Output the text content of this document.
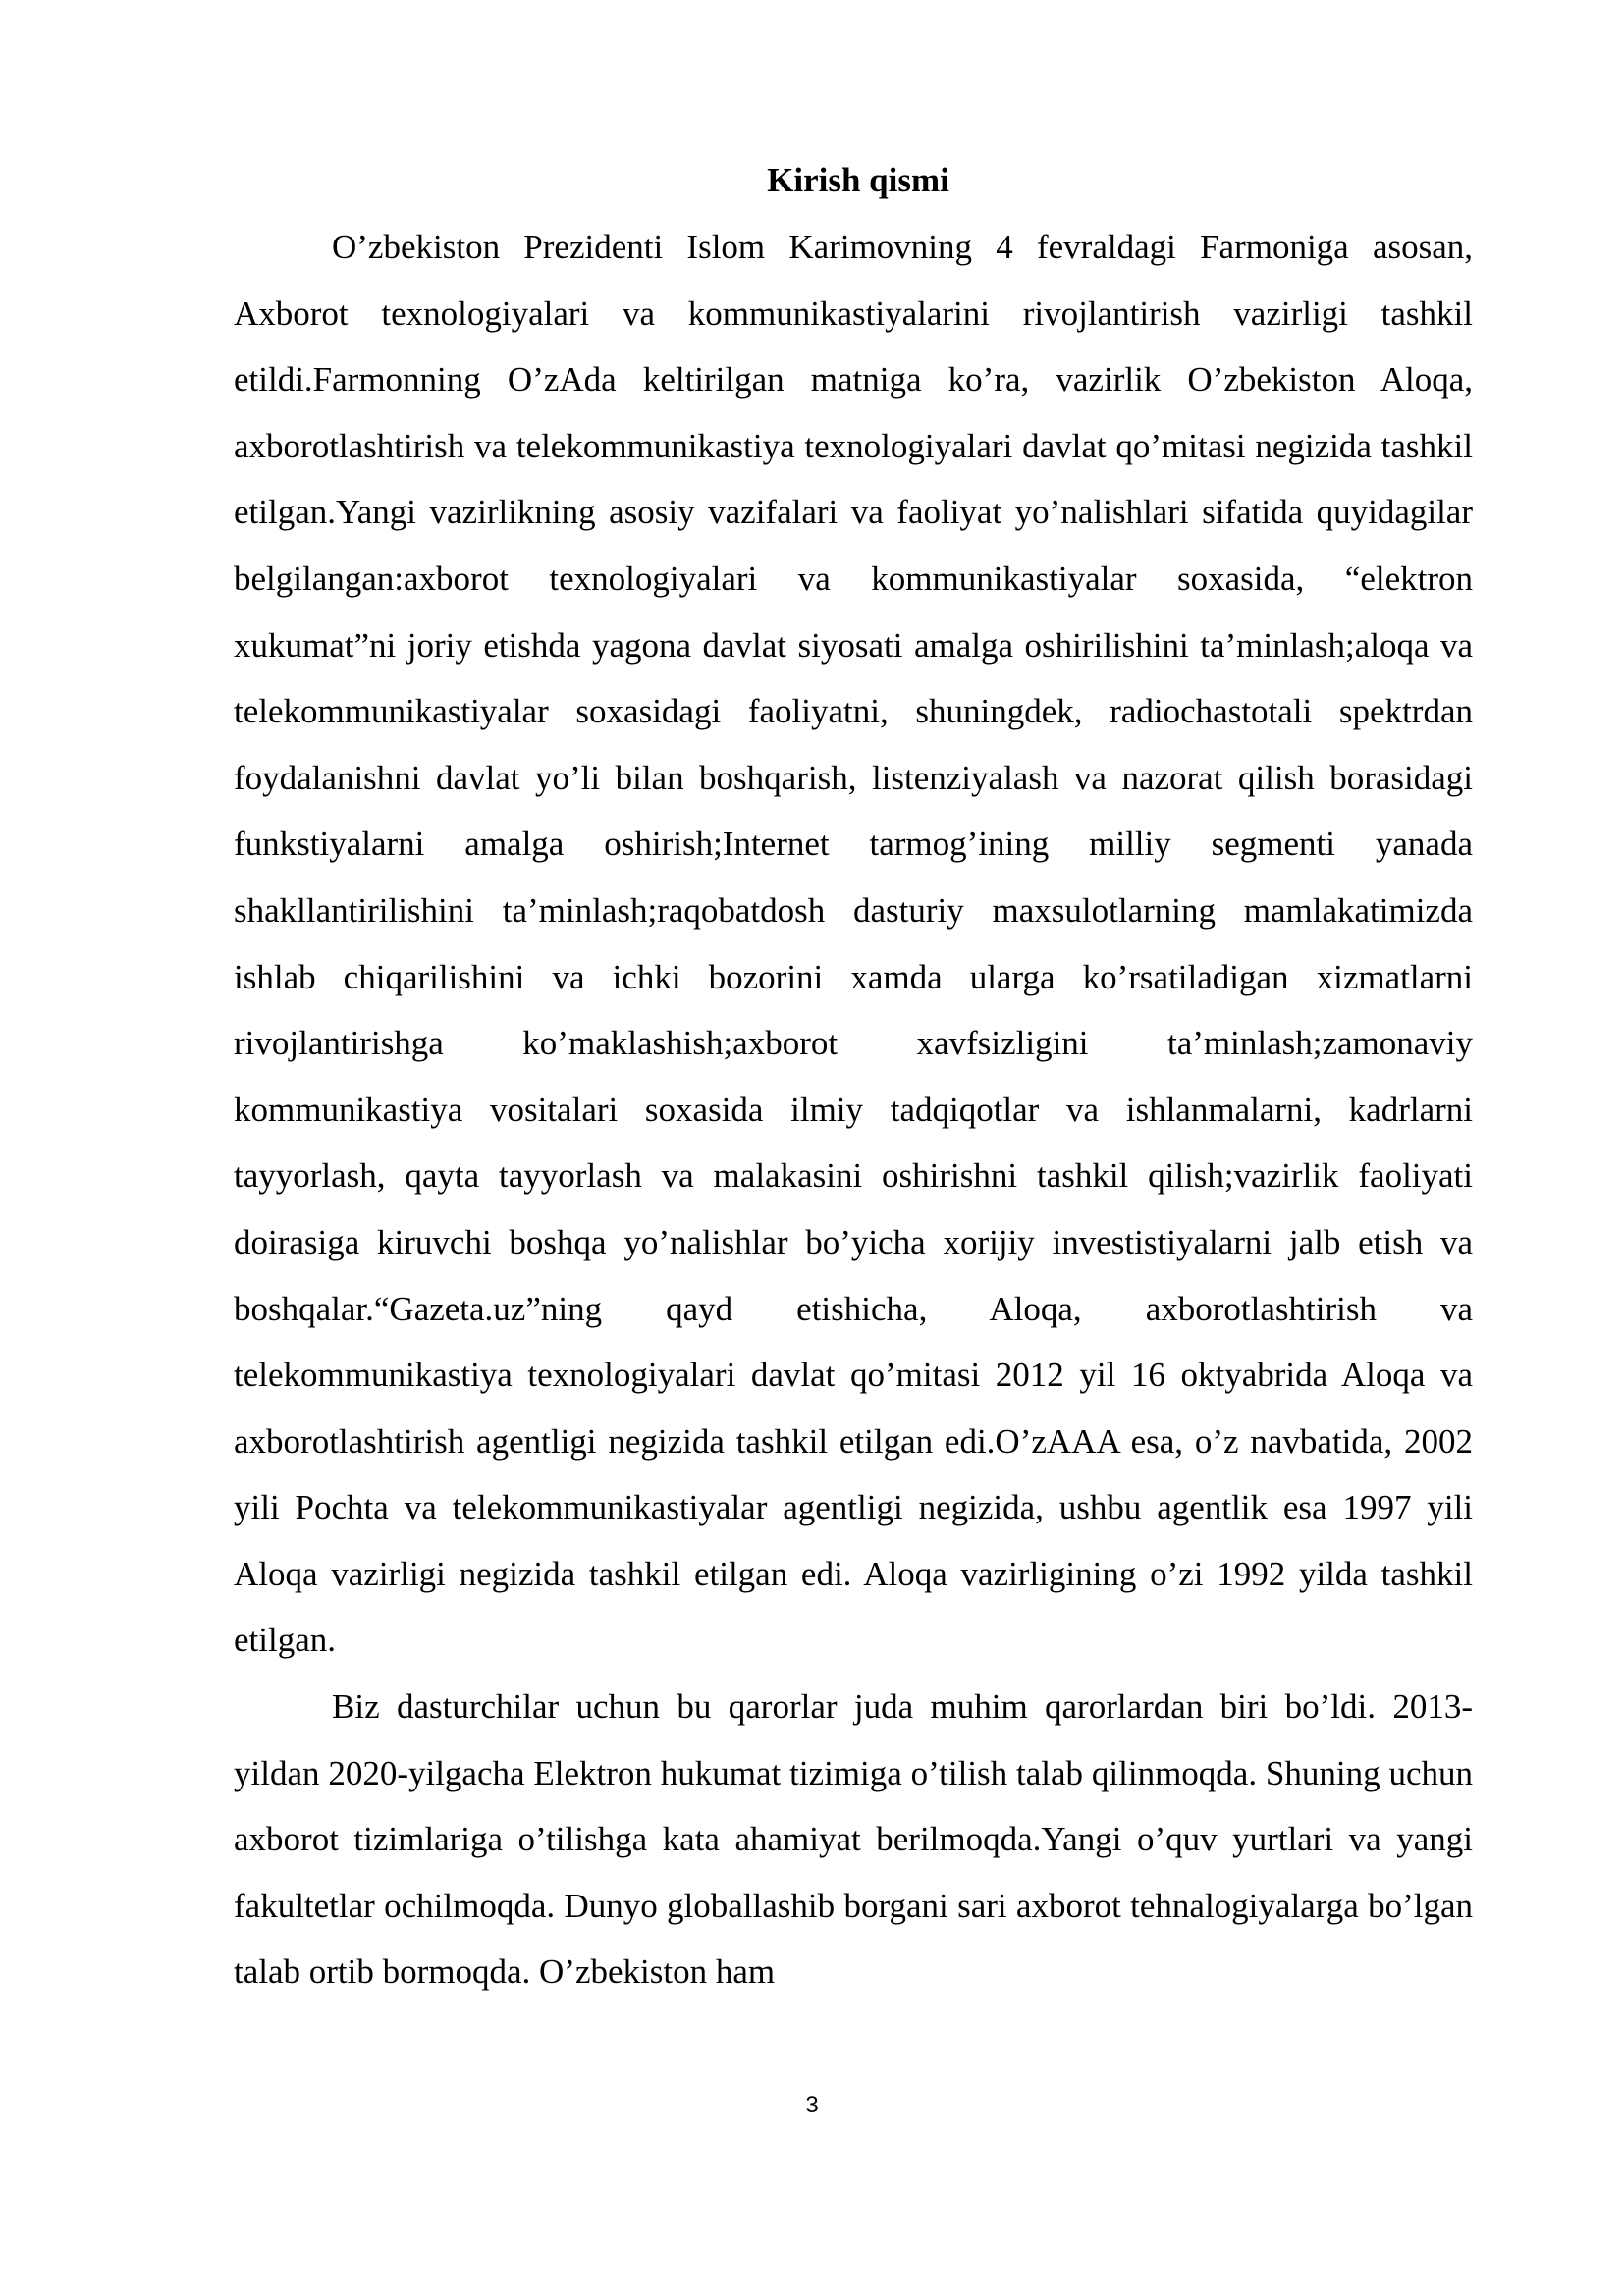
Kirish qismi

O’zbekiston Prezidenti Islom Karimovning 4 fevraldagi Farmoniga asosan, Axborot texnologiyalari va kommunikastiyalarini rivojlantirish vazirligi tashkil etildi.Farmonning O’zAda keltirilgan matniga ko’ra, vazirlik O’zbekiston Aloqa, axborotlashtirish va telekommunikastiya texnologiyalari davlat qo’mitasi negizida tashkil etilgan.Yangi vazirlikning asosiy vazifalari va faoliyat yo’nalishlari sifatida quyidagilar belgilangan:axborot texnologiyalari va kommunikastiyalar soxasida, “elektron xukumat”ni joriy etishda yagona davlat siyosati amalga oshirilishini ta’minlash;aloqa va telekommunikastiyalar soxasidagi faoliyatni, shuningdek, radiochastotali spektrdan foydalanishni davlat yo’li bilan boshqarish, listenziyalash va nazorat qilish borasidagi funkstiyalarni amalga oshirish;Internet tarmog’ining milliy segmenti yanada shakllantirilishini ta’minlash;raqobatdosh dasturiy maxsulotlarning mamlakatimizda ishlab chiqarilishini va ichki bozorini xamda ularga ko’rsatiladigan xizmatlarni rivojlantirishga ko’maklashish;axborot xavfsizligini ta’minlash;zamonaviy kommunikastiya vositalari soxasida ilmiy tadqiqotlar va ishlanmalarni, kadrlarni tayyorlash, qayta tayyorlash va malakasini oshirishni tashkil qilish;vazirlik faoliyati doirasiga kiruvchi boshqa yo’nalishlar bo’yicha xorijiy investistiyalarni jalb etish va boshqalar.“Gazeta.uz”ning qayd etishicha, Aloqa, axborotlashtirish va telekommunikastiya texnologiyalari davlat qo’mitasi 2012 yil 16 oktyabrida Aloqa va axborotlashtirish agentligi negizida tashkil etilgan edi.O’zAAA esa, o’z navbatida, 2002 yili Pochta va telekommunikastiyalar agentligi negizida, ushbu agentlik esa 1997 yili Aloqa vazirligi negizida tashkil etilgan edi. Aloqa vazirligining o’zi 1992 yilda tashkil etilgan.

Biz dasturchilar uchun bu qarorlar juda muhim qarorlardan biri bo’ldi. 2013-yildan 2020-yilgacha Elektron hukumat tizimiga o’tilish talab qilinmoqda. Shuning uchun axborot tizimlariga o’tilishga kata ahamiyat berilmoqda.Yangi o’quv yurtlari va yangi fakultetlar ochilmoqda. Dunyo globallashib borgani sari axborot tehnalogiyalarga bo’lgan talab ortib bormoqda. O’zbekiston ham

3
